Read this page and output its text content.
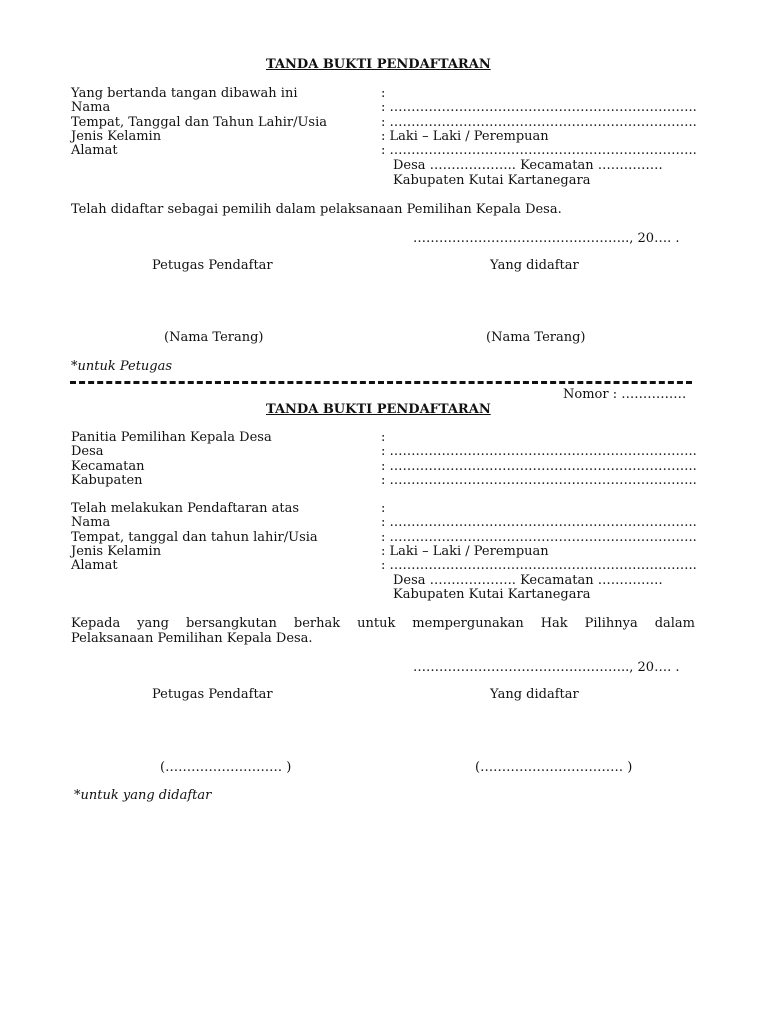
TANDA BUKTI PENDAFTARAN
Yang bertanda tangan dibawah ini	:
Nama	: ……………………………………………………………..
Tempat, Tanggal dan Tahun Lahir/Usia	: ……………………………………………………………..
Jenis Kelamin	: Laki – Laki / Perempuan
Alamat	: ……………………………………………………………..
Desa ……………….. Kecamatan ……………
Kabupaten Kutai Kartanegara
Telah didaftar sebagai pemilih dalam pelaksanaan Pemilihan Kepala Desa.
………………………………………….., 20…. .
Petugas Pendaftar	Yang didaftar
(Nama Terang)	(Nama Terang)
*untuk Petugas
Nomor : ……………
TANDA BUKTI PENDAFTARAN
Panitia Pemilihan Kepala Desa	:
Desa	: ……………………………………………………………..
Kecamatan	: ……………………………………………………………..
Kabupaten	: ……………………………………………………………..
Telah melakukan Pendaftaran atas	:
Nama	: ……………………………………………………………..
Tempat, tanggal dan tahun lahir/Usia	: ……………………………………………………………..
Jenis Kelamin	: Laki – Laki / Perempuan
Alamat	: ……………………………………………………………..
Desa ……………….. Kecamatan ……………
Kabupaten Kutai Kartanegara
Kepada yang bersangkutan berhak untuk mempergunakan Hak Pilihnya dalam
Pelaksanaan Pemilihan Kepala Desa.
………………………………………….., 20…. .
Petugas Pendaftar	Yang didaftar
(……………………… )	(…………………………… )
*untuk yang didaftar
